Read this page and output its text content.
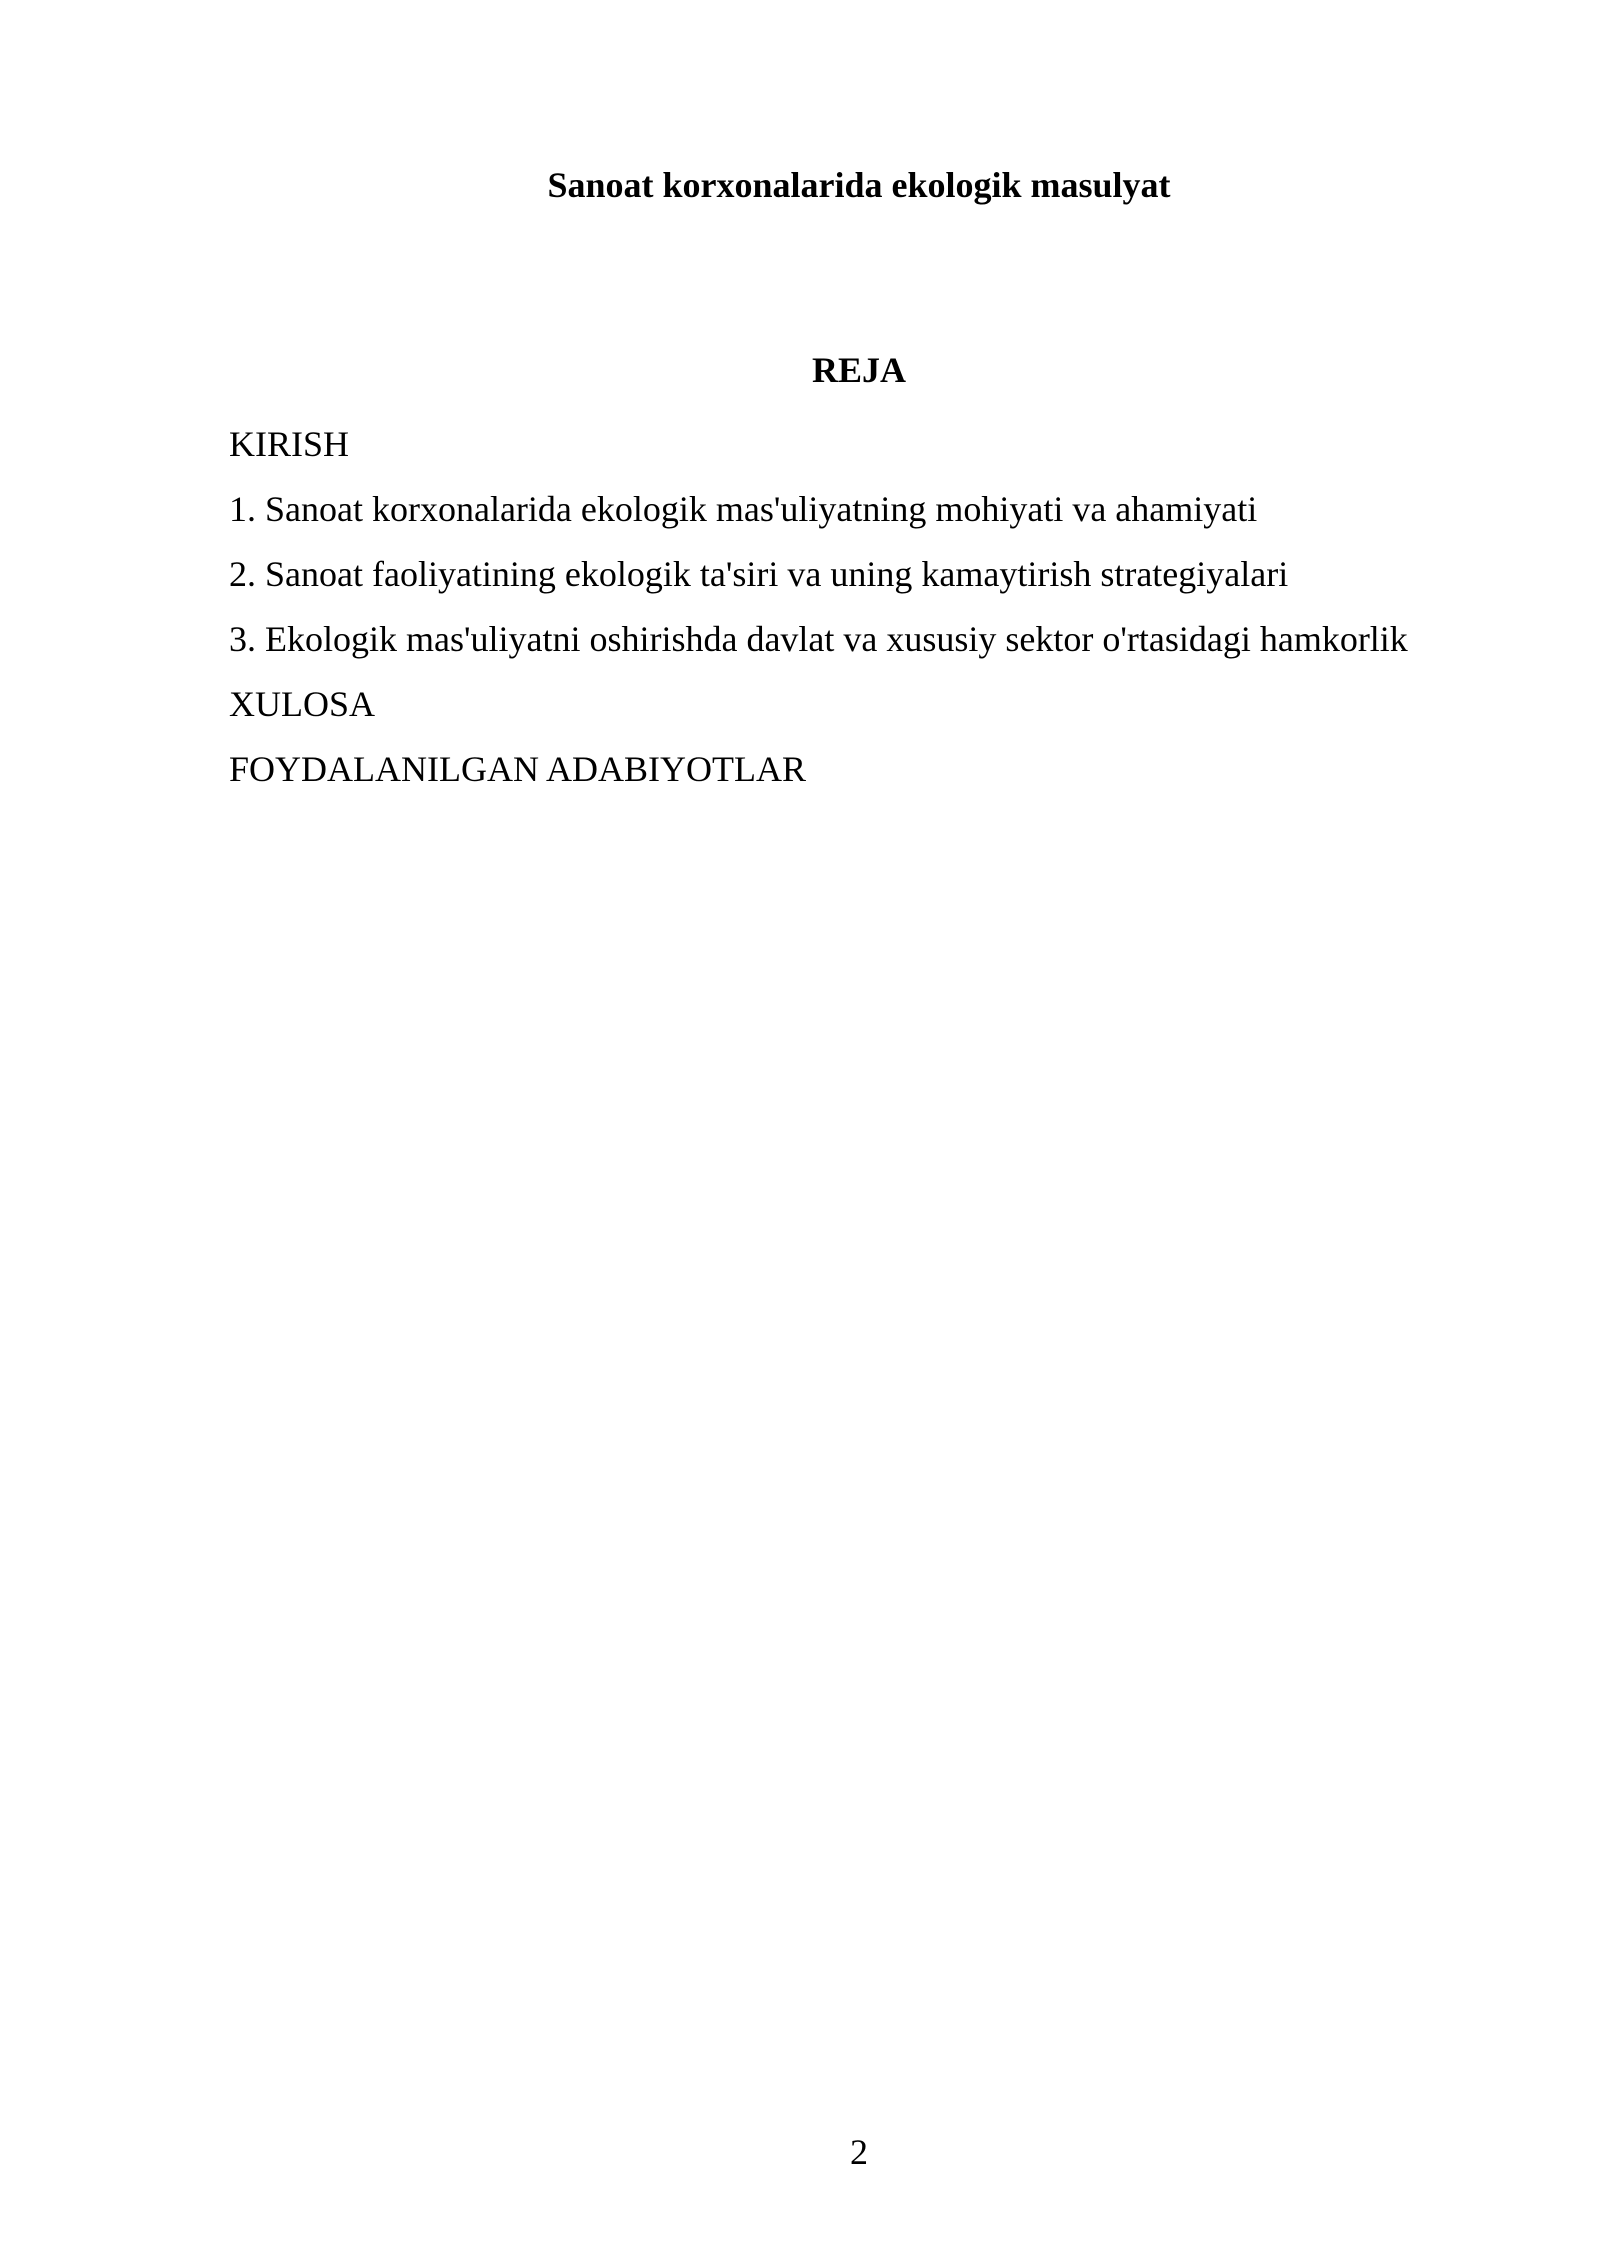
Sanoat korxonalarida ekologik masulyat
REJA
KIRISH
1. Sanoat korxonalarida ekologik mas'uliyatning mohiyati va ahamiyati
2. Sanoat faoliyatining ekologik ta'siri va uning kamaytirish strategiyalari
3. Ekologik mas'uliyatni oshirishda davlat va xususiy sektor o'rtasidagi hamkorlik
XULOSA
FOYDALANILGAN ADABIYOTLAR
2
